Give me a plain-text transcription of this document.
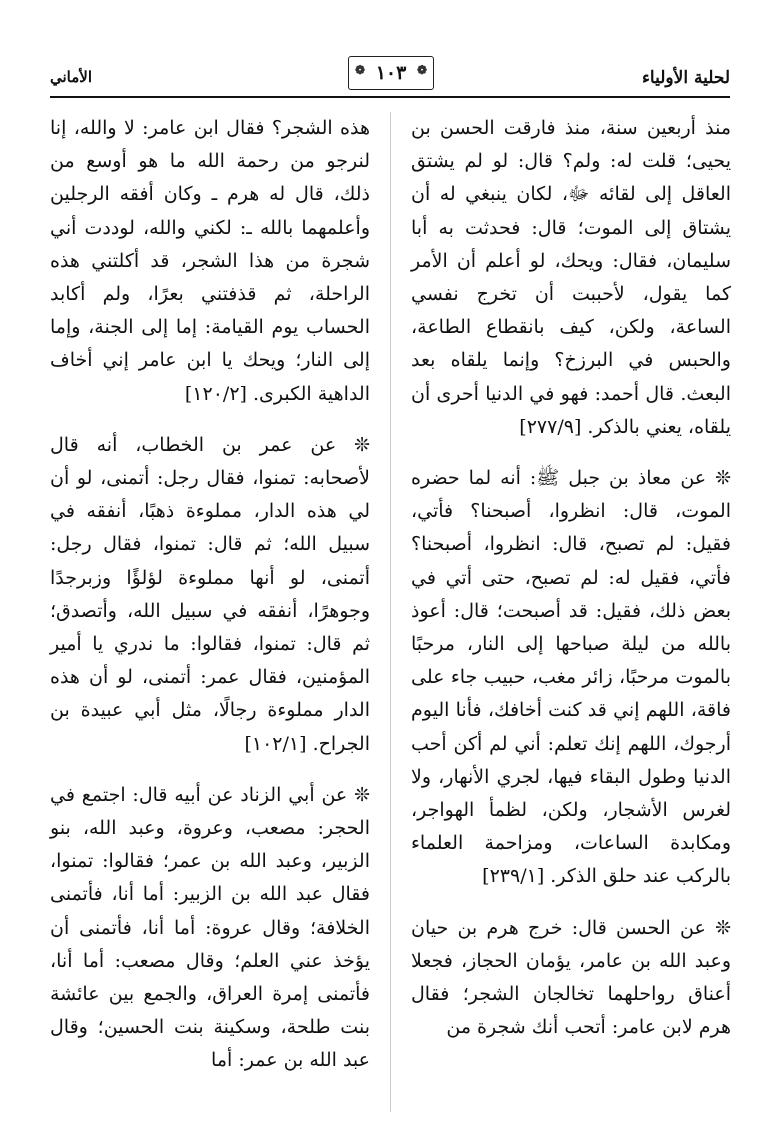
لحلية الأولياء
❁ ١٠٣ ❁
الأماني

منذ أربعين سنة، منذ فارقت الحسن بن يحيى؛ قلت له: ولم؟ قال: لو لم يشتق العاقل إلى لقائه ﷻ، لكان ينبغي له أن يشتاق إلى الموت؛ قال: فحدثت به أبا سليمان، فقال: ويحك، لو أعلم أن الأمر كما يقول، لأحببت أن تخرج نفسي الساعة، ولكن، كيف بانقطاع الطاعة، والحبس في البرزخ؟ وإنما يلقاه بعد البعث. قال أحمد: فهو في الدنيا أحرى أن يلقاه، يعني بالذكر. [٢٧٧/٩]

❊ عن معاذ بن جبل ﷺ: أنه لما حضره الموت، قال: انظروا، أصبحنا؟ فأتي، فقيل: لم تصبح، قال: انظروا، أصبحنا؟ فأتي، فقيل له: لم تصبح، حتى أتي في بعض ذلك، فقيل: قد أصبحت؛ قال: أعوذ بالله من ليلة صباحها إلى النار، مرحبًا بالموت مرحبًا، زائر مغب، حبيب جاء على فاقة، اللهم إني قد كنت أخافك، فأنا اليوم أرجوك، اللهم إنك تعلم: أني لم أكن أحب الدنيا وطول البقاء فيها، لجري الأنهار، ولا لغرس الأشجار، ولكن، لظمأ الهواجر، ومكابدة الساعات، ومزاحمة العلماء بالركب عند حلق الذكر. [٢٣٩/١]

❊ عن الحسن قال: خرج هرم بن حيان وعبد الله بن عامر، يؤمان الحجاز، فجعلا أعناق رواحلهما تخالجان الشجر؛ فقال هرم لابن عامر: أتحب أنك شجرة من

هذه الشجر؟ فقال ابن عامر: لا والله، إنا لنرجو من رحمة الله ما هو أوسع من ذلك، قال له هرم ـ وكان أفقه الرجلين وأعلمهما بالله ـ: لكني والله، لوددت أني شجرة من هذا الشجر، قد أكلتني هذه الراحلة، ثم قذفتني بعرًا، ولم أكابد الحساب يوم القيامة: إما إلى الجنة، وإما إلى النار؛ ويحك يا ابن عامر إني أخاف الداهية الكبرى. [١٢٠/٢]

❊ عن عمر بن الخطاب، أنه قال لأصحابه: تمنوا، فقال رجل: أتمنى، لو أن لي هذه الدار، مملوءة ذهبًا، أنفقه في سبيل الله؛ ثم قال: تمنوا، فقال رجل: أتمنى، لو أنها مملوءة لؤلؤًا وزبرجدًا وجوهرًا، أنفقه في سبيل الله، وأتصدق؛ ثم قال: تمنوا، فقالوا: ما ندري يا أمير المؤمنين، فقال عمر: أتمنى، لو أن هذه الدار مملوءة رجالًا، مثل أبي عبيدة بن الجراح. [١٠٢/١]

❊ عن أبي الزناد عن أبيه قال: اجتمع في الحجر: مصعب، وعروة، وعبد الله، بنو الزبير، وعبد الله بن عمر؛ فقالوا: تمنوا، فقال عبد الله بن الزبير: أما أنا، فأتمنى الخلافة؛ وقال عروة: أما أنا، فأتمنى أن يؤخذ عني العلم؛ وقال مصعب: أما أنا، فأتمنى إمرة العراق، والجمع بين عائشة بنت طلحة، وسكينة بنت الحسين؛ وقال عبد الله بن عمر: أما
